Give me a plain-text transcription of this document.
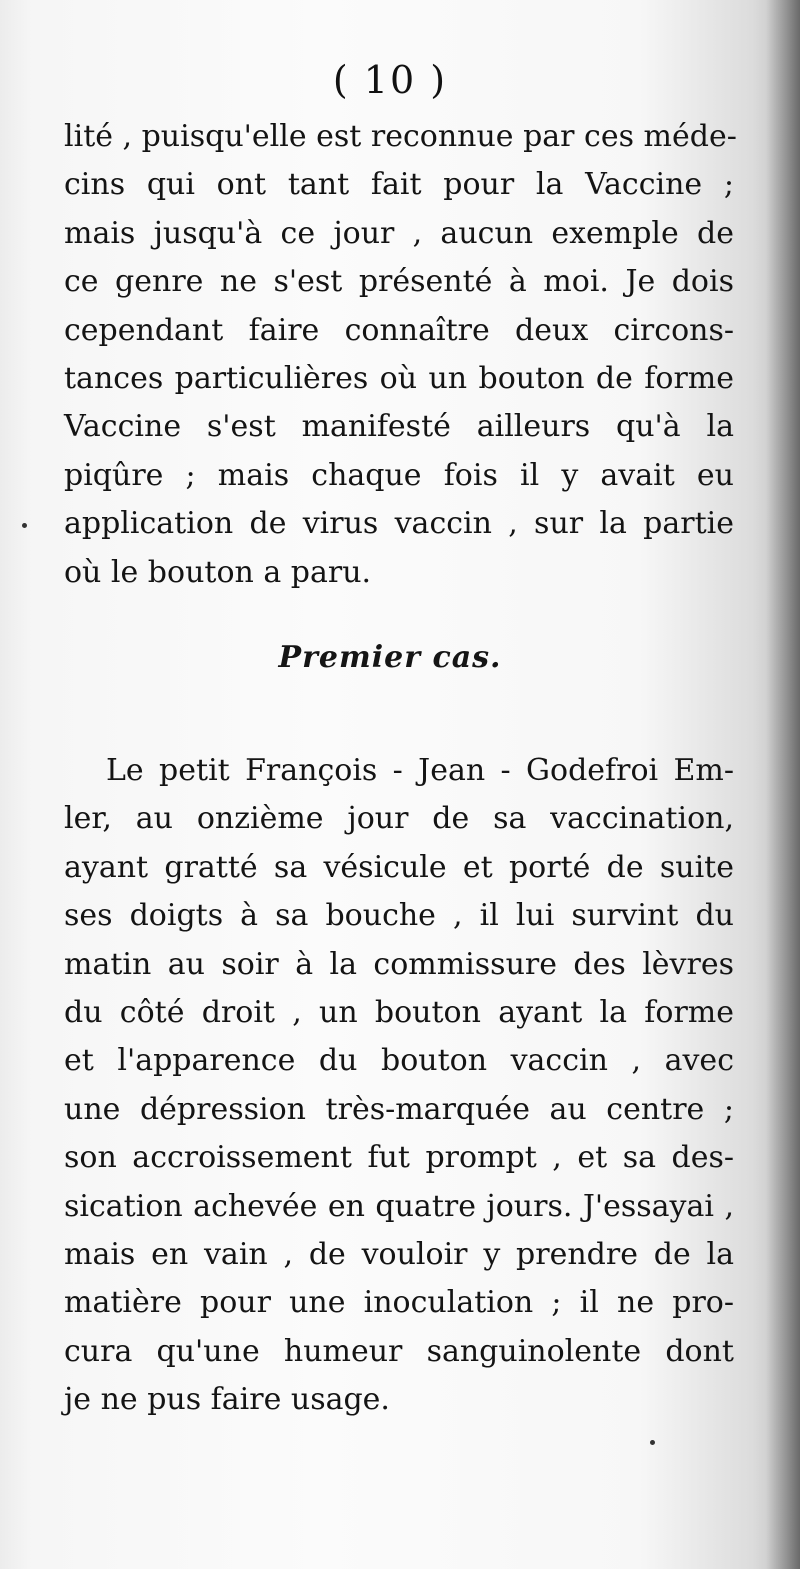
( 10 )
lité , puisqu'elle est reconnue par ces méde-
cins qui ont tant fait pour la Vaccine ;
mais jusqu'à ce jour , aucun exemple de
ce genre ne s'est présenté à moi. Je dois
cependant faire connaître deux circons-
tances particulières où un bouton de forme
Vaccine s'est manifesté ailleurs qu'à la
piqûre ; mais chaque fois il y avait eu
application de virus vaccin , sur la partie
où le bouton a paru.
Premier cas.
Le petit François - Jean - Godefroi Em-
ler, au onzième jour de sa vaccination,
ayant gratté sa vésicule et porté de suite
ses doigts à sa bouche , il lui survint du
matin au soir à la commissure des lèvres
du côté droit , un bouton ayant la forme
et l'apparence du bouton vaccin , avec
une dépression très-marquée au centre ;
son accroissement fut prompt , et sa des-
sication achevée en quatre jours. J'essayai ,
mais en vain , de vouloir y prendre de la
matière pour une inoculation ; il ne pro-
cura qu'une humeur sanguinolente dont
je ne pus faire usage.
